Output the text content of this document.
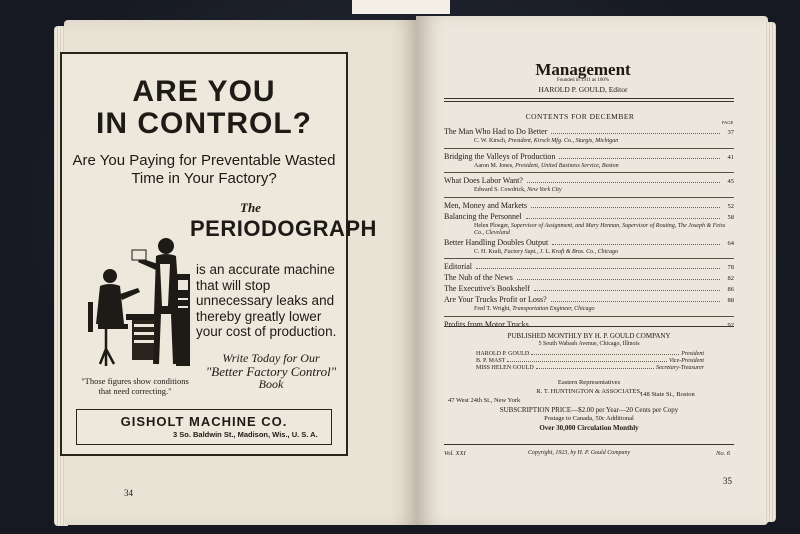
ARE YOU
IN CONTROL?
Are You Paying for Preventable Wasted Time in Your Factory?
The
PERIODOGRAPH
is an accurate machine that will stop unnecessary leaks and thereby greatly lower your cost of production.
Write Today for Our
"Better Factory Control"
Book
"Those figures show conditions that need correcting."
GISHOLT MACHINE CO.
3 So. Baldwin St., Madison, Wis., U. S. A.
34
Management
Founded in 1911 as 100%
HAROLD P. GOULD, Editor
CONTENTS FOR DECEMBER
PAGE
The Man Who Had to Do Better	37
C. W. Kirsch, President, Kirsch Mfg. Co., Sturgis, Michigan
Bridging the Valleys of Production	41
Aaron M. Jones, President, United Business Service, Boston
What Does Labor Want?	45
Edward S. Cowdrick, New York City
Men, Money and Markets	52
Balancing the Personnel	58
Helen Ploeger, Supervisor of Assignment, and Mary Hennan, Supervisor of Routing, The Joseph & Feiss Co., Cleveland
Better Handling Doubles Output	64
C. H. Kraft, Factory Supt., J. L. Kraft & Bros. Co., Chicago
Editorial	78
The Nub of the News	82
The Executive's Bookshelf	86
Are Your Trucks Profit or Loss?	88
Fred T. Wright, Transportation Engineer, Chicago
Profits from Motor Trucks	92
PUBLISHED MONTHLY BY H. P. GOULD COMPANY
5 South Wabash Avenue, Chicago, Illinois
HAROLD P. GOULD	President
B. P. MAST	Vice-President
MISS HELEN GOULD	Secretary-Treasurer
Eastern Representatives
R. T. HUNTINGTON & ASSOCIATES,
47 West 24th St., New York
148 State St., Boston
SUBSCRIPTION PRICE—$2.00 per Year—20 Cents per Copy
Postage to Canada, 50c Additional
Over 30,000 Circulation Monthly
Vol. XXI	Copyright, 1923, by H. P. Gould Company	No. 6
35
